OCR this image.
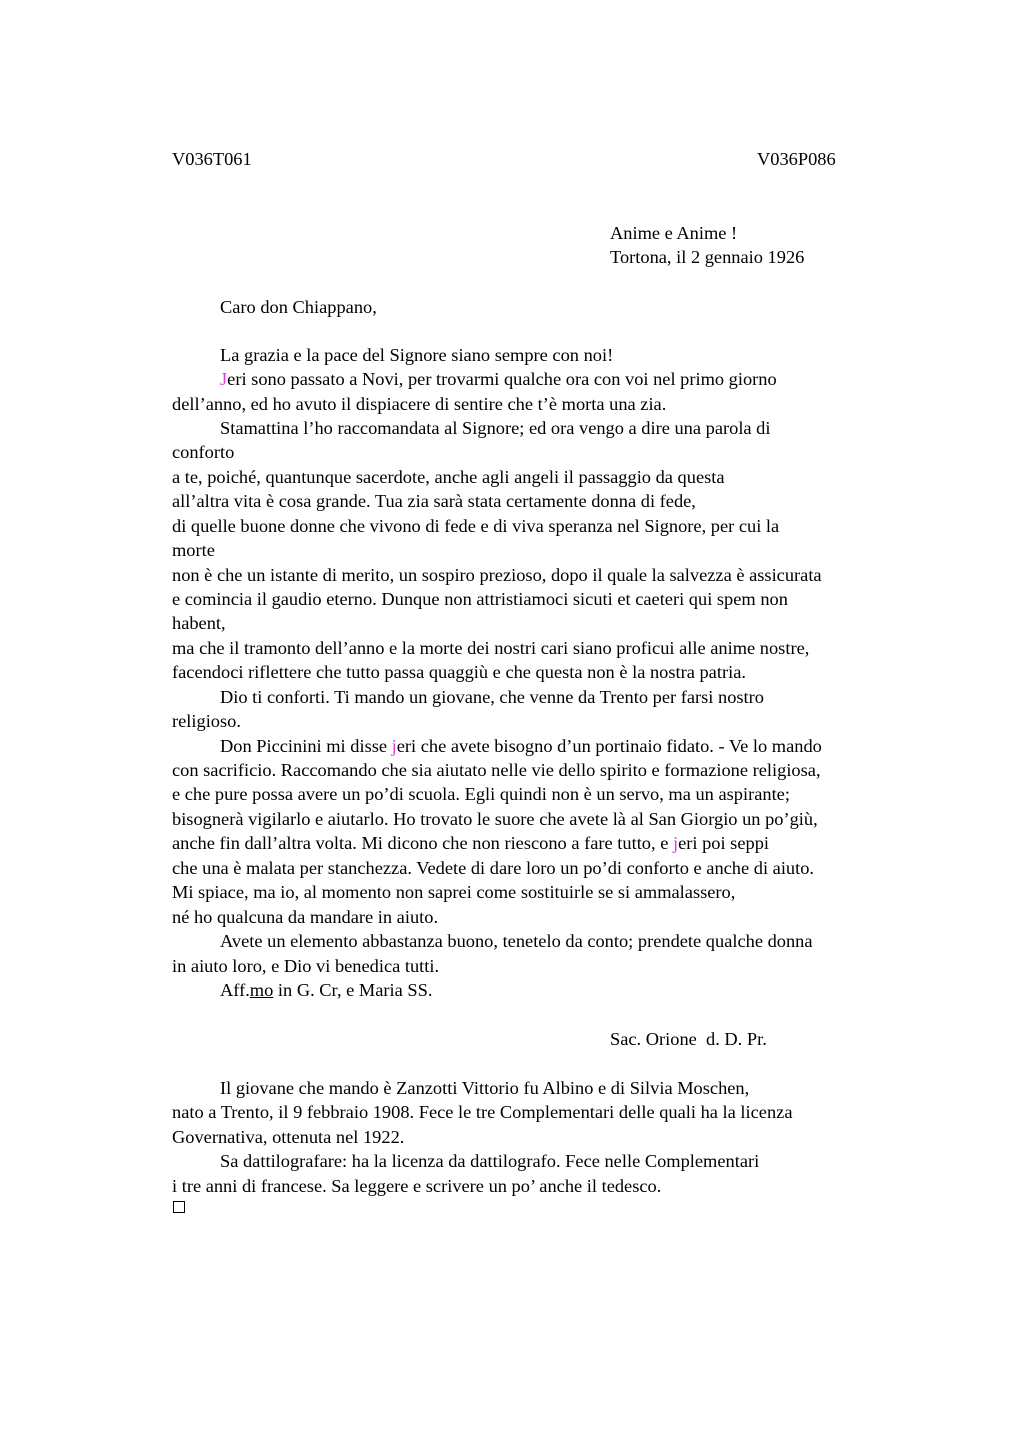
V036T061	V036P086
Anime e Anime !
Tortona, il 2 gennaio 1926
Caro don Chiappano,
La grazia e la pace del Signore siano sempre con noi!
Jeri sono passato a Novi, per trovarmi qualche ora con voi nel primo giorno
dell’anno, ed ho avuto il dispiacere di sentire che t’è morta una zia.
Stamattina l’ho raccomandata al Signore; ed ora vengo a dire una parola di
conforto
a te, poiché, quantunque sacerdote, anche agli angeli il passaggio da questa
all’altra vita è cosa grande. Tua zia sarà stata certamente donna di fede,
di quelle buone donne che vivono di fede e di viva speranza nel Signore, per cui la
morte
non è che un istante di merito, un sospiro prezioso, dopo il quale la salvezza è assicurata
e comincia il gaudio eterno. Dunque non attristiamoci sicuti et caeteri qui spem non
habent,
ma che il tramonto dell’anno e la morte dei nostri cari siano proficui alle anime nostre,
facendoci riflettere che tutto passa quaggiù e che questa non è la nostra patria.
Dio ti conforti. Ti mando un giovane, che venne da Trento per farsi nostro
religioso.
Don Piccinini mi disse jeri che avete bisogno d’un portinaio fidato. - Ve lo mando
con sacrificio. Raccomando che sia aiutato nelle vie dello spirito e formazione religiosa,
e che pure possa avere un po’di scuola. Egli quindi non è un servo, ma un aspirante;
bisognerà vigilarlo e aiutarlo. Ho trovato le suore che avete là al San Giorgio un po’giù,
anche fin dall’altra volta. Mi dicono che non riescono a fare tutto, e jeri poi seppi
che una è malata per stanchezza. Vedete di dare loro un po’di conforto e anche di aiuto.
Mi spiace, ma io, al momento non saprei come sostituirle se si ammalassero,
né ho qualcuna da mandare in aiuto.
Avete un elemento abbastanza buono, tenetelo da conto; prendete qualche donna
in aiuto loro, e Dio vi benedica tutti.
Aff.mo in G. Cr, e Maria SS.
Sac. Orione  d. D. Pr.
Il giovane che mando è Zanzotti Vittorio fu Albino e di Silvia Moschen,
nato a Trento, il 9 febbraio 1908. Fece le tre Complementari delle quali ha la licenza
Governativa, ottenuta nel 1922.
Sa dattilografare: ha la licenza da dattilografo. Fece nelle Complementari
i tre anni di francese. Sa leggere e scrivere un po’ anche il tedesco.
